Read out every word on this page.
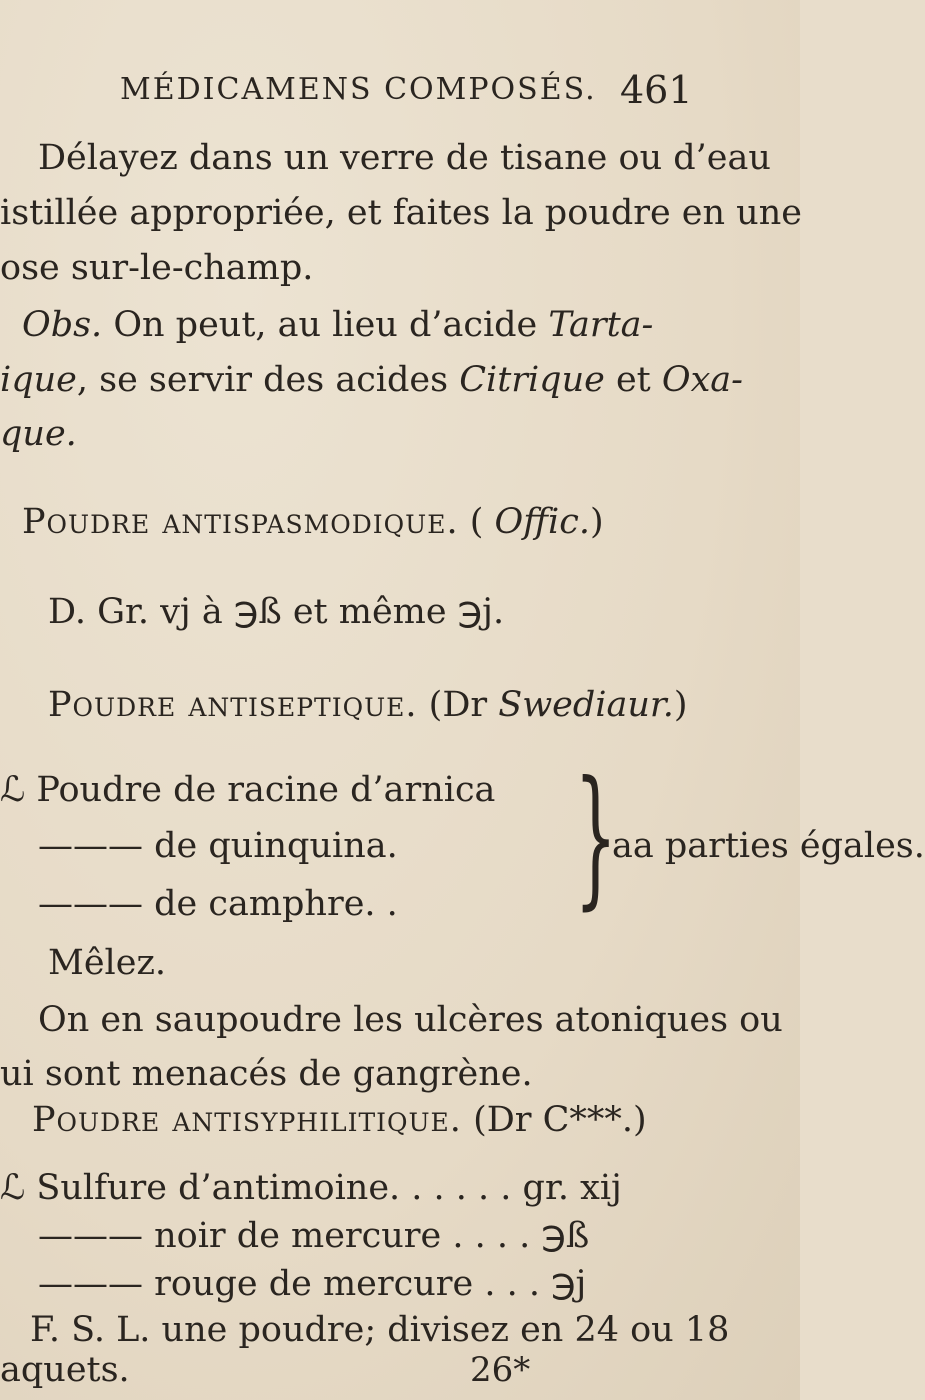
MÉDICAMENS COMPOSÉS. 461
Délayez dans un verre de tisane ou d’eau
istillée appropriée, et faites la poudre en une
ose sur-le-champ.
Obs. On peut, au lieu d’acide Tarta-
ique, se servir des acides Citrique et Oxa-
que.
Poudre antispasmodique. ( Offic.)
D. Gr. vj à ℈ß et même ℈j.
Poudre antiseptique. (Dr Swediaur.)
ℒ Poudre de racine d’arnica
——— de quinquina.
——— de camphre. . }
aa parties égales.
Mêlez.
On en saupoudre les ulcères atoniques ou
ui sont menacés de gangrène.
Poudre antisyphilitique. (Dr C***.)
ℒ Sulfure d’antimoine. . . . . . gr. xij
——— noir de mercure . . . . ℈ß
——— rouge de mercure . . . ℈j
F. S. L. une poudre; divisez en 24 ou 18
aquets.	26*
